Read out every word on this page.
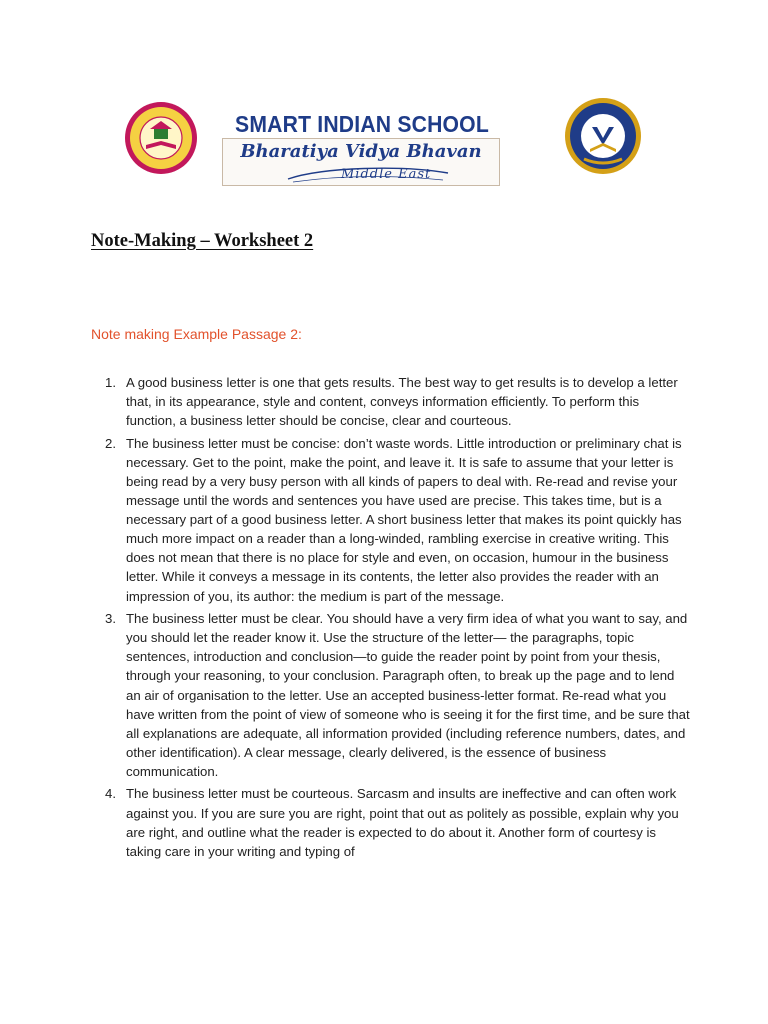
SMART INDIAN SCHOOL
Bharatiya Vidya Bhavan
Middle East
Note-Making – Worksheet 2
Note making Example Passage 2:
1. A good business letter is one that gets results. The best way to get results is to develop a letter that, in its appearance, style and content, conveys information efficiently. To perform this function, a business letter should be concise, clear and courteous.
2. The business letter must be concise: don’t waste words. Little introduction or preliminary chat is necessary. Get to the point, make the point, and leave it. It is safe to assume that your letter is being read by a very busy person with all kinds of papers to deal with. Re-read and revise your message until the words and sentences you have used are precise. This takes time, but is a necessary part of a good business letter. A short business letter that makes its point quickly has much more impact on a reader than a long-winded, rambling exercise in creative writing. This does not mean that there is no place for style and even, on occasion, humour in the business letter. While it conveys a message in its contents, the letter also provides the reader with an impression of you, its author: the medium is part of the message.
3. The business letter must be clear. You should have a very firm idea of what you want to say, and you should let the reader know it. Use the structure of the letter— the paragraphs, topic sentences, introduction and conclusion—to guide the reader point by point from your thesis, through your reasoning, to your conclusion. Paragraph often, to break up the page and to lend an air of organisation to the letter. Use an accepted business-letter format. Re-read what you have written from the point of view of someone who is seeing it for the first time, and be sure that all explanations are adequate, all information provided (including reference numbers, dates, and other identification). A clear message, clearly delivered, is the essence of business communication.
4. The business letter must be courteous. Sarcasm and insults are ineffective and can often work against you. If you are sure you are right, point that out as politely as possible, explain why you are right, and outline what the reader is expected to do about it. Another form of courtesy is taking care in your writing and typing of
